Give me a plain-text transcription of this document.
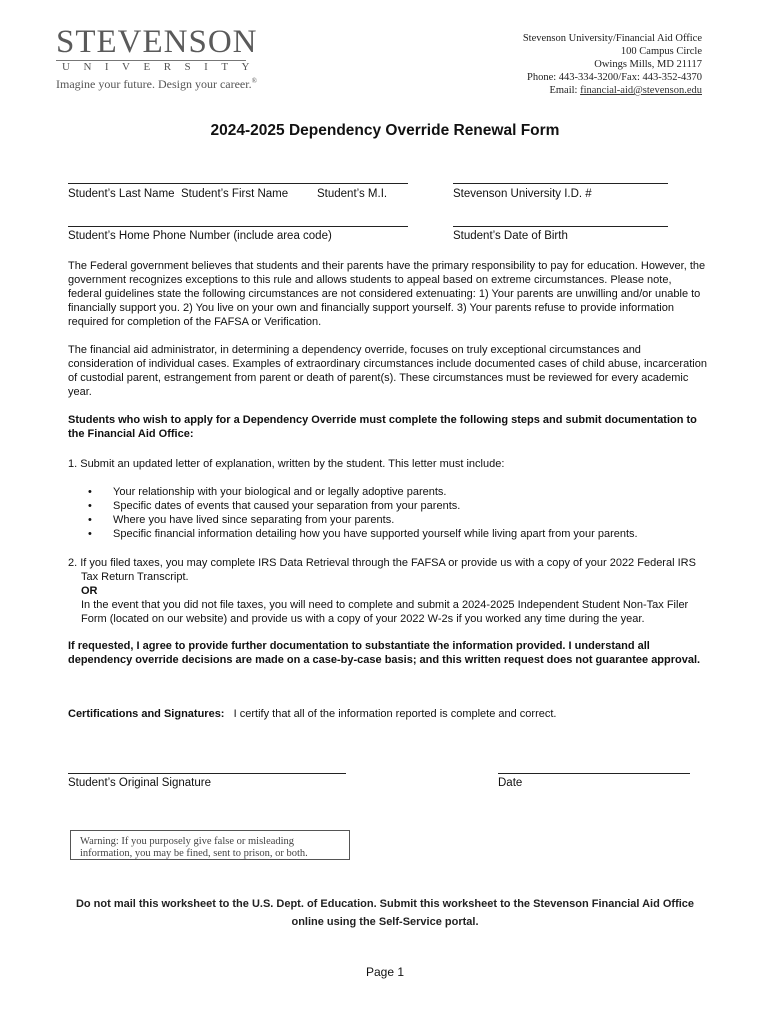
STEVENSON
UNIVERSITY
Imagine your future. Design your career.®
Stevenson University/Financial Aid Office
100 Campus Circle
Owings Mills, MD 21117
Phone: 443-334-3200/Fax: 443-352-4370
Email: financial-aid@stevenson.edu
2024-2025 Dependency Override Renewal Form
Student’s Last Name Student’s First Name	Student’s M.I.	Stevenson University I.D. #
Student’s Home Phone Number (include area code)	Student’s Date of Birth
The Federal government believes that students and their parents have the primary responsibility to pay for education. However, the government recognizes exceptions to this rule and allows students to appeal based on extreme circumstances. Please note, federal guidelines state the following circumstances are not considered extenuating: 1) Your parents are unwilling and/or unable to financially support you. 2) You live on your own and financially support yourself. 3) Your parents refuse to provide information required for completion of the FAFSA or Verification.
The financial aid administrator, in determining a dependency override, focuses on truly exceptional circumstances and consideration of individual cases. Examples of extraordinary circumstances include documented cases of child abuse, incarceration of custodial parent, estrangement from parent or death of parent(s). These circumstances must be reviewed for every academic year.
Students who wish to apply for a Dependency Override must complete the following steps and submit documentation to the Financial Aid Office:
1. Submit an updated letter of explanation, written by the student. This letter must include:
• Your relationship with your biological and or legally adoptive parents.
• Specific dates of events that caused your separation from your parents.
• Where you have lived since separating from your parents.
• Specific financial information detailing how you have supported yourself while living apart from your parents.
2. If you filed taxes, you may complete IRS Data Retrieval through the FAFSA or provide us with a copy of your 2022 Federal IRS Tax Return Transcript.
OR
In the event that you did not file taxes, you will need to complete and submit a 2024-2025 Independent Student Non-Tax Filer Form (located on our website) and provide us with a copy of your 2022 W-2s if you worked any time during the year.
If requested, I agree to provide further documentation to substantiate the information provided. I understand all dependency override decisions are made on a case-by-case basis; and this written request does not guarantee approval.
Certifications and Signatures: I certify that all of the information reported is complete and correct.
Student’s Original Signature	Date
Warning: If you purposely give false or misleading information, you may be fined, sent to prison, or both.
Do not mail this worksheet to the U.S. Dept. of Education. Submit this worksheet to the Stevenson Financial Aid Office
online using the Self-Service portal.
Page 1
